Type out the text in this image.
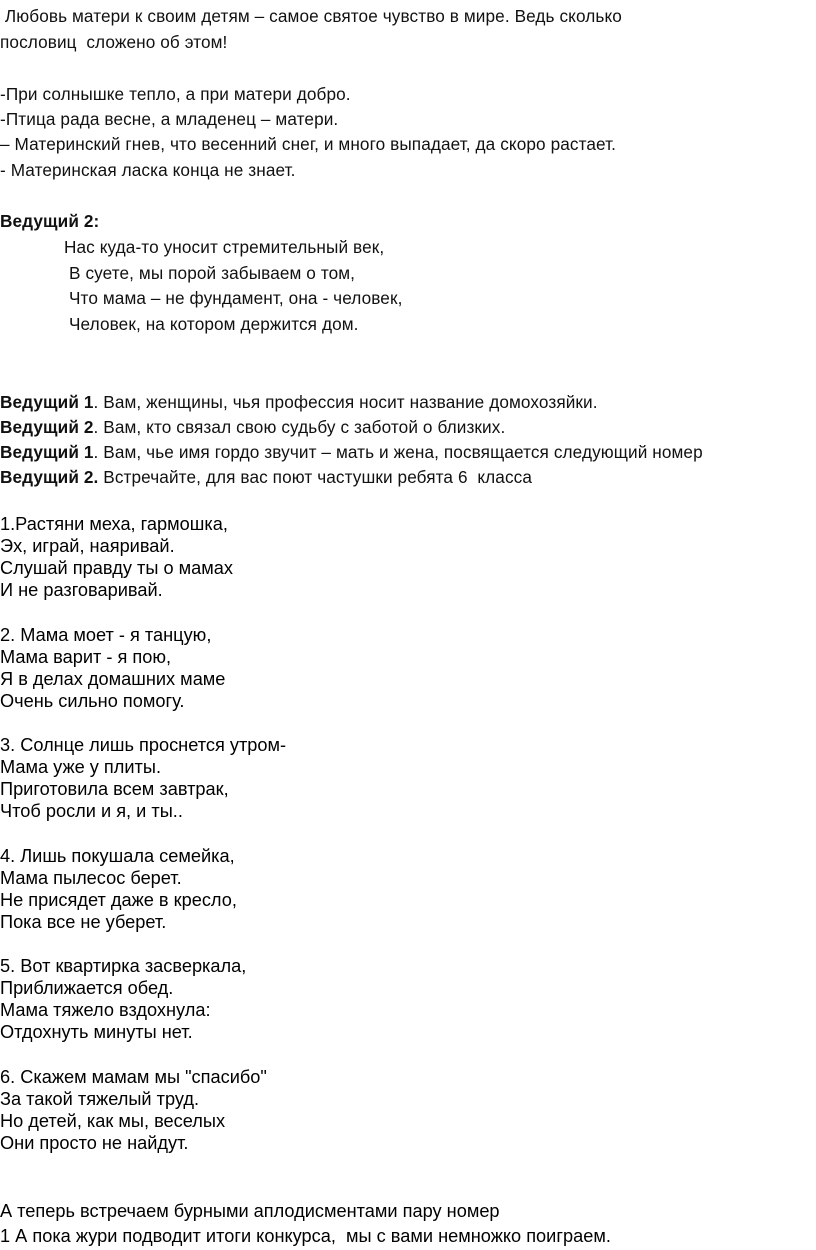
Любовь матери к своим детям – самое святое чувство в мире. Ведь сколько

пословиц  сложено об этом!

-При солнышке тепло, а при матери добро.

-Птица рада весне, а младенец – матери.

– Материнский гнев, что весенний снег, и много выпадает, да скоро растает.

- Материнская ласка конца не знает.

Ведущий 2:

Нас куда-то уносит стремительный век,

В суете, мы порой забываем о том,

Что мама – не фундамент, она - человек,

Человек, на котором держится дом.

Ведущий 1. Вам, женщины, чья профессия носит название домохозяйки.

Ведущий 2. Вам, кто связал свою судьбу с заботой о близких.

Ведущий 1. Вам, чье имя гордо звучит – мать и жена, посвящается следующий номер

Ведущий 2. Встречайте, для вас поют частушки ребята 6  класса

1.Растяни меха, гармошка,

Эх, играй, наяривай.

Слушай правду ты о мамах

И не разговаривай.

2. Мама моет - я танцую,

Мама варит - я пою,

Я в делах домашних маме

Очень сильно помогу.

3. Солнце лишь проснется утром-

Мама уже у плиты.

Приготовила всем завтрак,

Чтоб росли и я, и ты..

4. Лишь покушала семейка,

Мама пылесос берет.

Не присядет даже в кресло,

Пока все не уберет.

5. Вот квартирка засверкала,

Приближается обед.

Мама тяжело вздохнула:

Отдохнуть минуты нет.

6. Скажем мамам мы "спасибо"

За такой тяжелый труд.

Но детей, как мы, веселых

Они просто не найдут.

А теперь встречаем бурными аплодисментами пару номер

1 А пока жури подводит итоги конкурса,  мы с вами немножко поиграем.
